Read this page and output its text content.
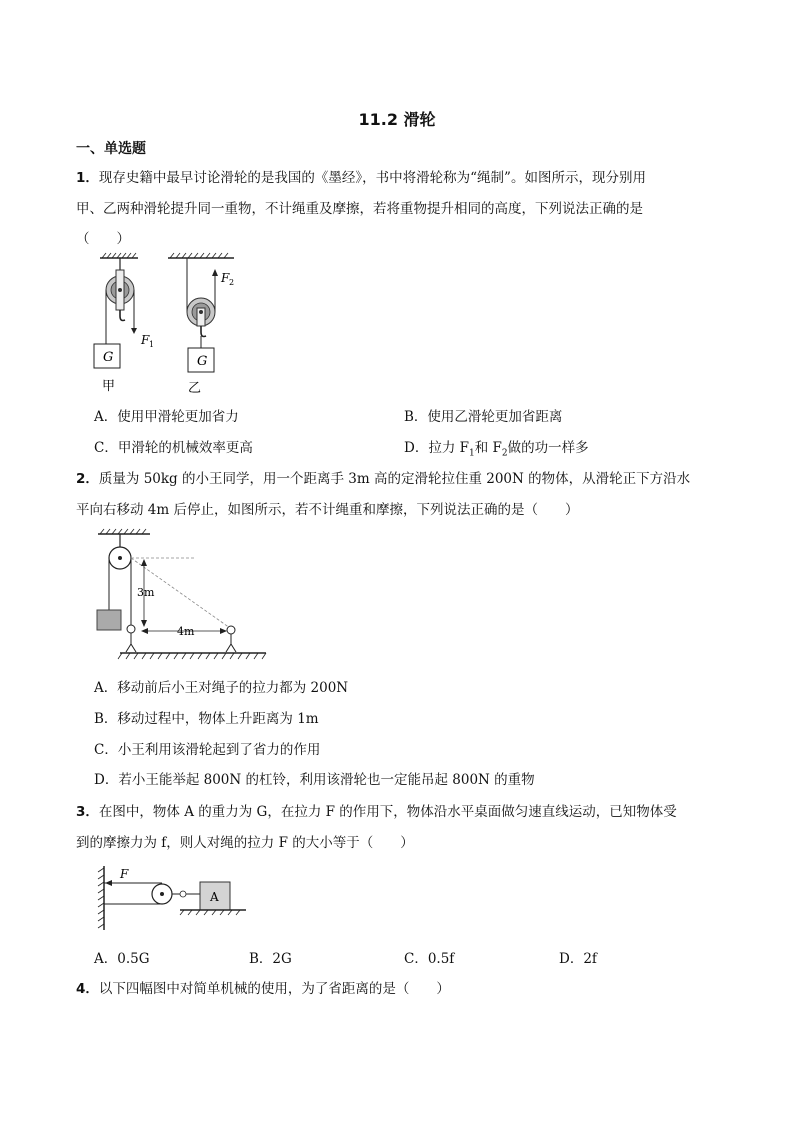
11.2 滑轮
一、单选题
1．现存史籍中最早讨论滑轮的是我国的《墨经》，书中将滑轮称为“绳制”。如图所示，现分别用
甲、乙两种滑轮提升同一重物，不计绳重及摩擦，若将重物提升相同的高度，下列说法正确的是
（　　）
G
F 1
甲
G
F 2
乙
A．使用甲滑轮更加省力	B．使用乙滑轮更加省距离
C．甲滑轮的机械效率更高	D．拉力 $F_1$和 $F_2$做的功一样多
2．质量为 50kg 的小王同学，用一个距离手 3m 高的定滑轮拉住重 200N 的物体，从滑轮正下方沿水
平向右移动 4m 后停止，如图所示，若不计绳重和摩擦，下列说法正确的是（　　）
3m
4m
A．移动前后小王对绳子的拉力都为 200N
B．移动过程中，物体上升距离为 1m
C．小王利用该滑轮起到了省力的作用
D．若小王能举起 800N 的杠铃，利用该滑轮也一定能吊起 800N 的重物
3．在图中，物体 A 的重力为 G，在拉力 F 的作用下，物体沿水平桌面做匀速直线运动，已知物体受
到的摩擦力为 f，则人对绳的拉力 F 的大小等于（　　）
F
A
A．0.5G	B．2G	C．0.5f	D．2f
4．以下四幅图中对简单机械的使用，为了省距离的是（　　）
